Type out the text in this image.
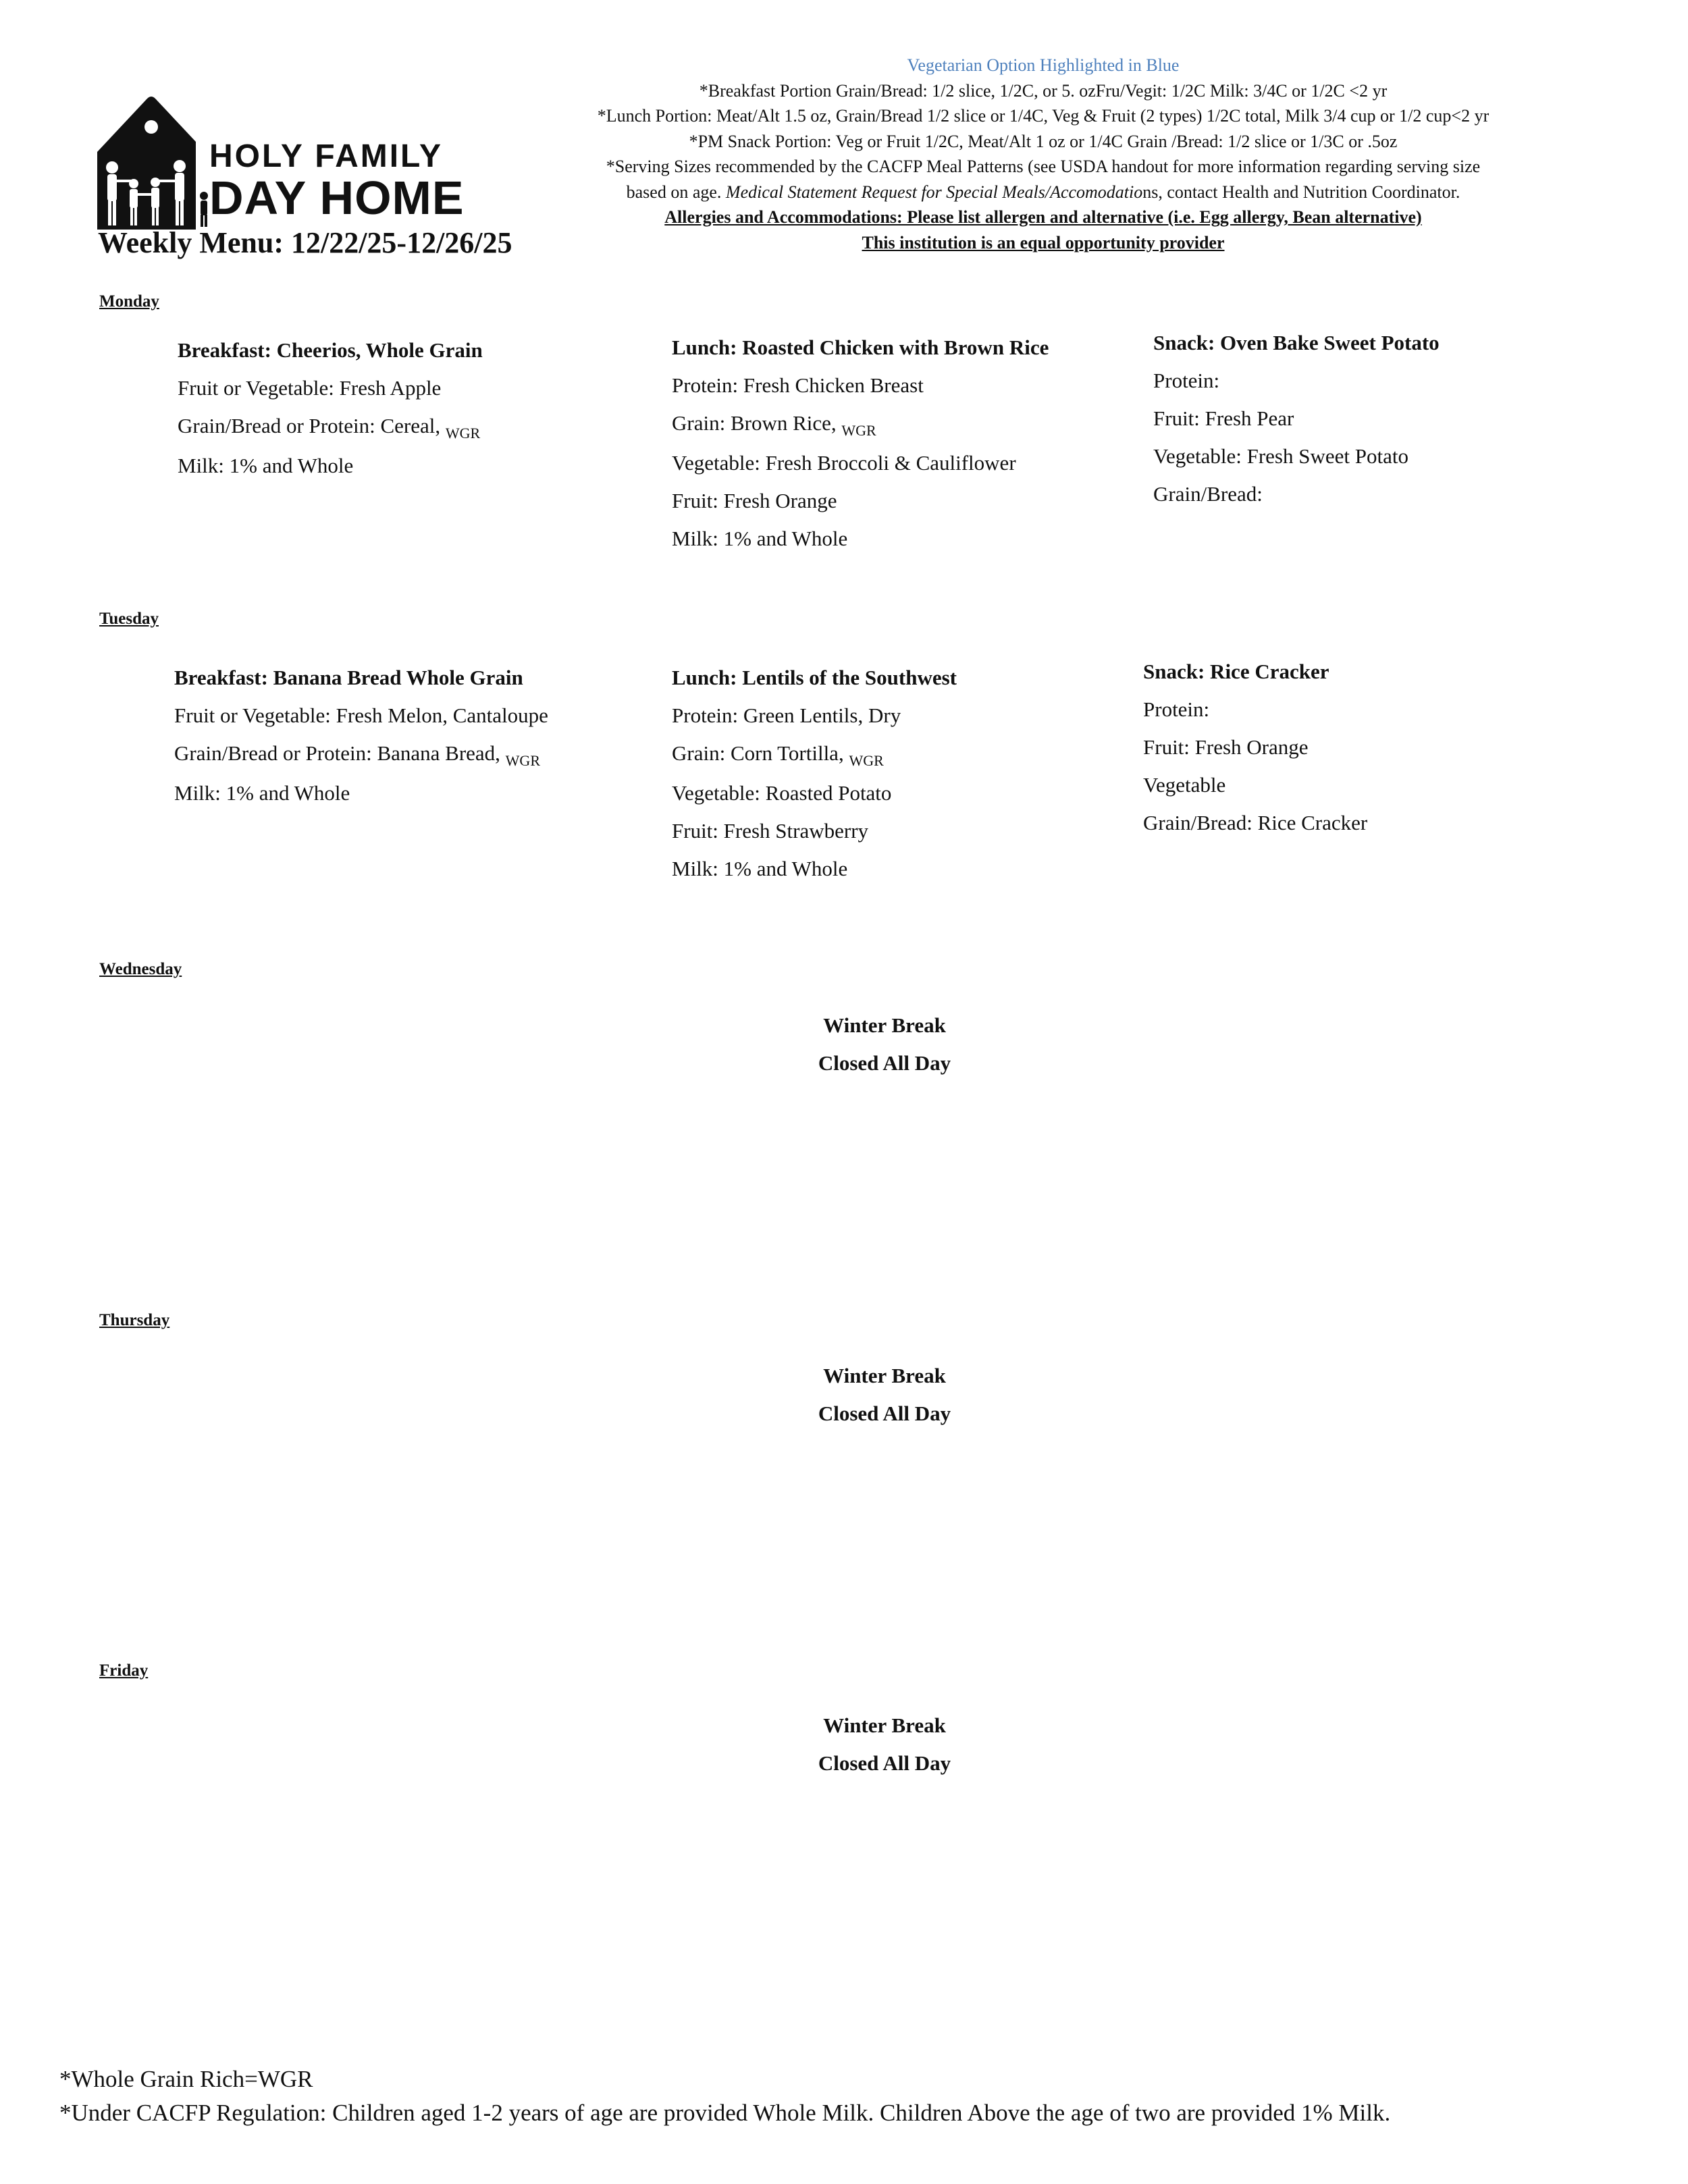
HOLY FAMILY
DAY HOME
Weekly Menu: 12/22/25-12/26/25
Vegetarian Option Highlighted in Blue
*Breakfast Portion Grain/Bread: 1/2 slice, 1/2C, or 5. ozFru/Vegit: 1/2C Milk: 3/4C or 1/2C <2 yr
*Lunch Portion: Meat/Alt 1.5 oz, Grain/Bread 1/2 slice or 1/4C, Veg & Fruit (2 types) 1/2C total, Milk 3/4 cup or 1/2 cup<2 yr
*PM Snack Portion: Veg or Fruit 1/2C, Meat/Alt 1 oz or 1/4C Grain /Bread: 1/2 slice or 1/3C or .5oz
*Serving Sizes recommended by the CACFP Meal Patterns (see USDA handout for more information regarding serving size
based on age. Medical Statement Request for Special Meals/Accomodations, contact Health and Nutrition Coordinator.
Allergies and Accommodations: Please list allergen and alternative (i.e. Egg allergy, Bean alternative)
This institution is an equal opportunity provider
Monday
Breakfast: Cheerios, Whole Grain
Fruit or Vegetable: Fresh Apple
Grain/Bread or Protein: Cereal, $_{WGR}$
Milk: 1% and Whole
Lunch: Roasted Chicken with Brown Rice
Protein: Fresh Chicken Breast
Grain: Brown Rice, $_{WGR}$
Vegetable: Fresh Broccoli & Cauliflower
Fruit: Fresh Orange
Milk: 1% and Whole
Snack: Oven Bake Sweet Potato
Protein:
Fruit: Fresh Pear
Vegetable: Fresh Sweet Potato
Grain/Bread:
Tuesday
Breakfast: Banana Bread Whole Grain
Fruit or Vegetable: Fresh Melon, Cantaloupe
Grain/Bread or Protein: Banana Bread, $_{WGR}$
Milk: 1% and Whole
Lunch: Lentils of the Southwest
Protein: Green Lentils, Dry
Grain: Corn Tortilla, $_{WGR}$
Vegetable: Roasted Potato
Fruit: Fresh Strawberry
Milk: 1% and Whole
Snack: Rice Cracker
Protein:
Fruit: Fresh Orange
Vegetable
Grain/Bread: Rice Cracker
Wednesday
Winter Break
Closed All Day
Thursday
Winter Break
Closed All Day
Friday
Winter Break
Closed All Day
*Whole Grain Rich=WGR
*Under CACFP Regulation: Children aged 1-2 years of age are provided Whole Milk. Children Above the age of two are provided 1% Milk.
